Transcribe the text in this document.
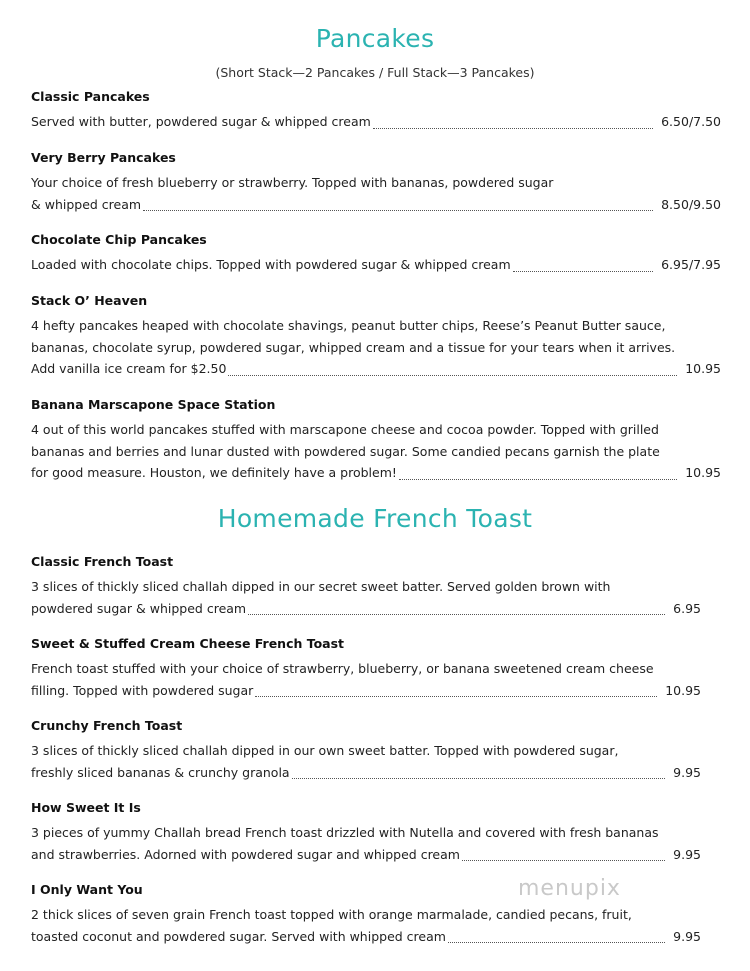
Pancakes
(Short Stack—2 Pancakes / Full Stack—3 Pancakes)
Classic Pancakes
Served with butter, powdered sugar & whipped cream	6.50/7.50
Very Berry Pancakes
Your choice of fresh blueberry or strawberry. Topped with bananas, powdered sugar
& whipped cream	8.50/9.50
Chocolate Chip Pancakes
Loaded with chocolate chips. Topped with powdered sugar & whipped cream	6.95/7.95
Stack O’ Heaven
4 hefty pancakes heaped with chocolate shavings, peanut butter chips, Reese’s Peanut Butter sauce,
bananas, chocolate syrup, powdered sugar, whipped cream and a tissue for your tears when it arrives.
Add vanilla ice cream for $2.50	10.95
Banana Marscapone Space Station
4 out of this world pancakes stuffed with marscapone cheese and cocoa powder. Topped with grilled
bananas and berries and lunar dusted with powdered sugar. Some candied pecans garnish the plate
for good measure. Houston, we definitely have a problem!	10.95
Homemade French Toast
Classic French Toast
3 slices of thickly sliced challah dipped in our secret sweet batter. Served golden brown with
powdered sugar & whipped cream	6.95
Sweet & Stuffed Cream Cheese French Toast
French toast stuffed with your choice of strawberry, blueberry, or banana sweetened cream cheese
filling. Topped with powdered sugar	10.95
Crunchy French Toast
3 slices of thickly sliced challah dipped in our own sweet batter. Topped with powdered sugar,
freshly sliced bananas & crunchy granola	9.95
How Sweet It Is
3 pieces of yummy Challah bread French toast drizzled with Nutella and covered with fresh bananas
and strawberries. Adorned with powdered sugar and whipped cream	9.95
I Only Want You
2 thick slices of seven grain French toast topped with orange marmalade, candied pecans, fruit,
toasted coconut and powdered sugar. Served with whipped cream	9.95
menupix
